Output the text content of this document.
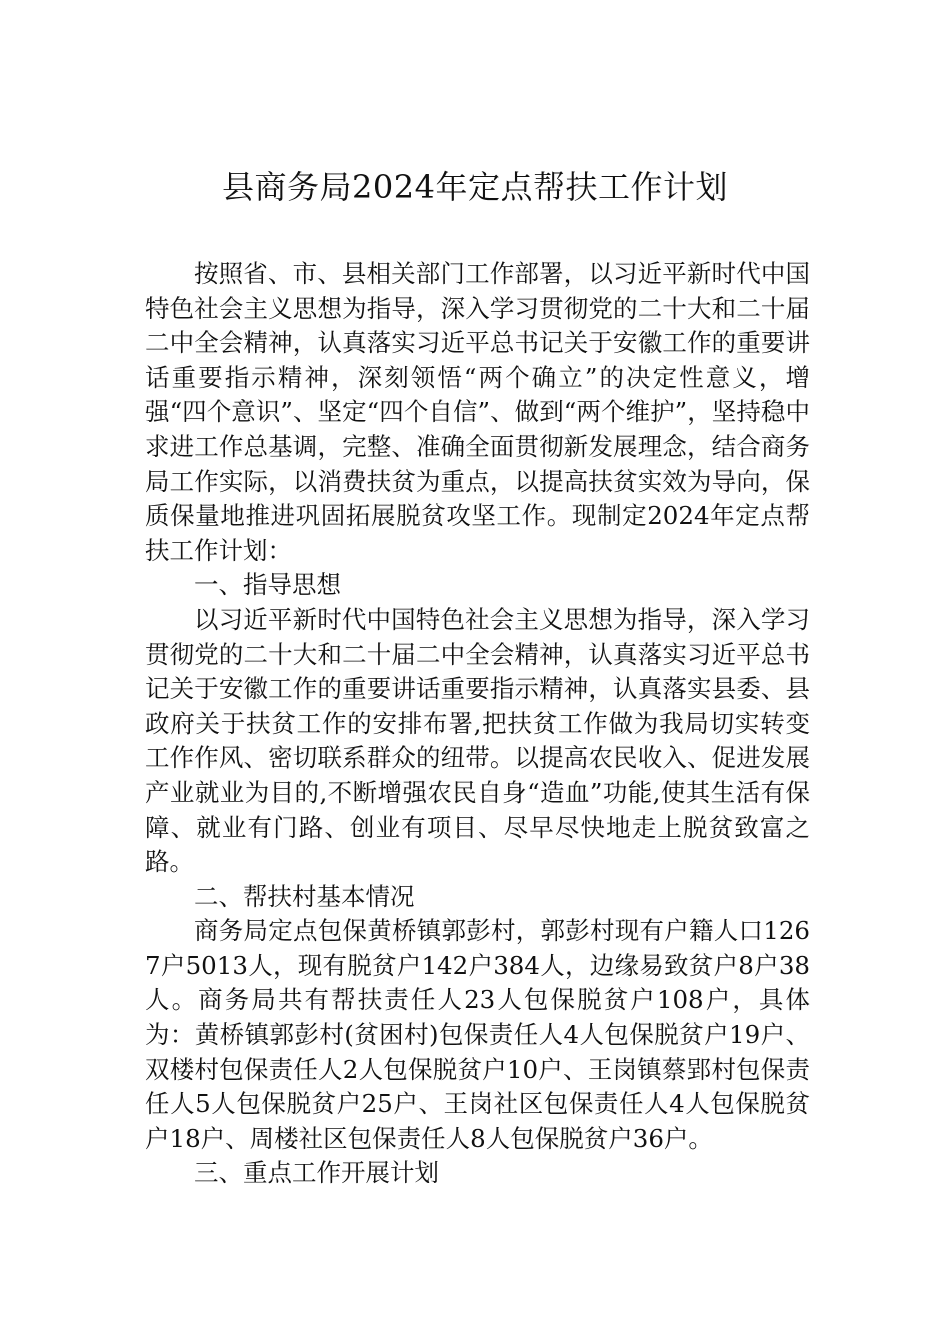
县商务局2024年定点帮扶工作计划

按照省、市、县相关部门工作部署，以习近平新时代中国特色社会主义思想为指导，深入学习贯彻党的二十大和二十届二中全会精神，认真落实习近平总书记关于安徽工作的重要讲话重要指示精神，深刻领悟“两个确立”的决定性意义，增强“四个意识”、坚定“四个自信”、做到“两个维护”，坚持稳中求进工作总基调，完整、准确全面贯彻新发展理念，结合商务局工作实际，以消费扶贫为重点，以提高扶贫实效为导向，保质保量地推进巩固拓展脱贫攻坚工作。现制定2024年定点帮扶工作计划：

一、指导思想

以习近平新时代中国特色社会主义思想为指导，深入学习贯彻党的二十大和二十届二中全会精神，认真落实习近平总书记关于安徽工作的重要讲话重要指示精神，认真落实县委、县政府关于扶贫工作的安排布署,把扶贫工作做为我局切实转变工作作风、密切联系群众的纽带。以提高农民收入、促进发展产业就业为目的,不断增强农民自身“造血”功能,使其生活有保障、就业有门路、创业有项目、尽早尽快地走上脱贫致富之路。

二、帮扶村基本情况

商务局定点包保黄桥镇郭彭村，郭彭村现有户籍人口1267户5013人，现有脱贫户142户384人，边缘易致贫户8户38人。商务局共有帮扶责任人23人包保脱贫户108户，具体为：黄桥镇郭彭村(贫困村)包保责任人4人包保脱贫户19户、双楼村包保责任人2人包保脱贫户10户、王岗镇蔡郢村包保责任人5人包保脱贫户25户、王岗社区包保责任人4人包保脱贫户18户、周楼社区包保责任人8人包保脱贫户36户。

三、重点工作开展计划
